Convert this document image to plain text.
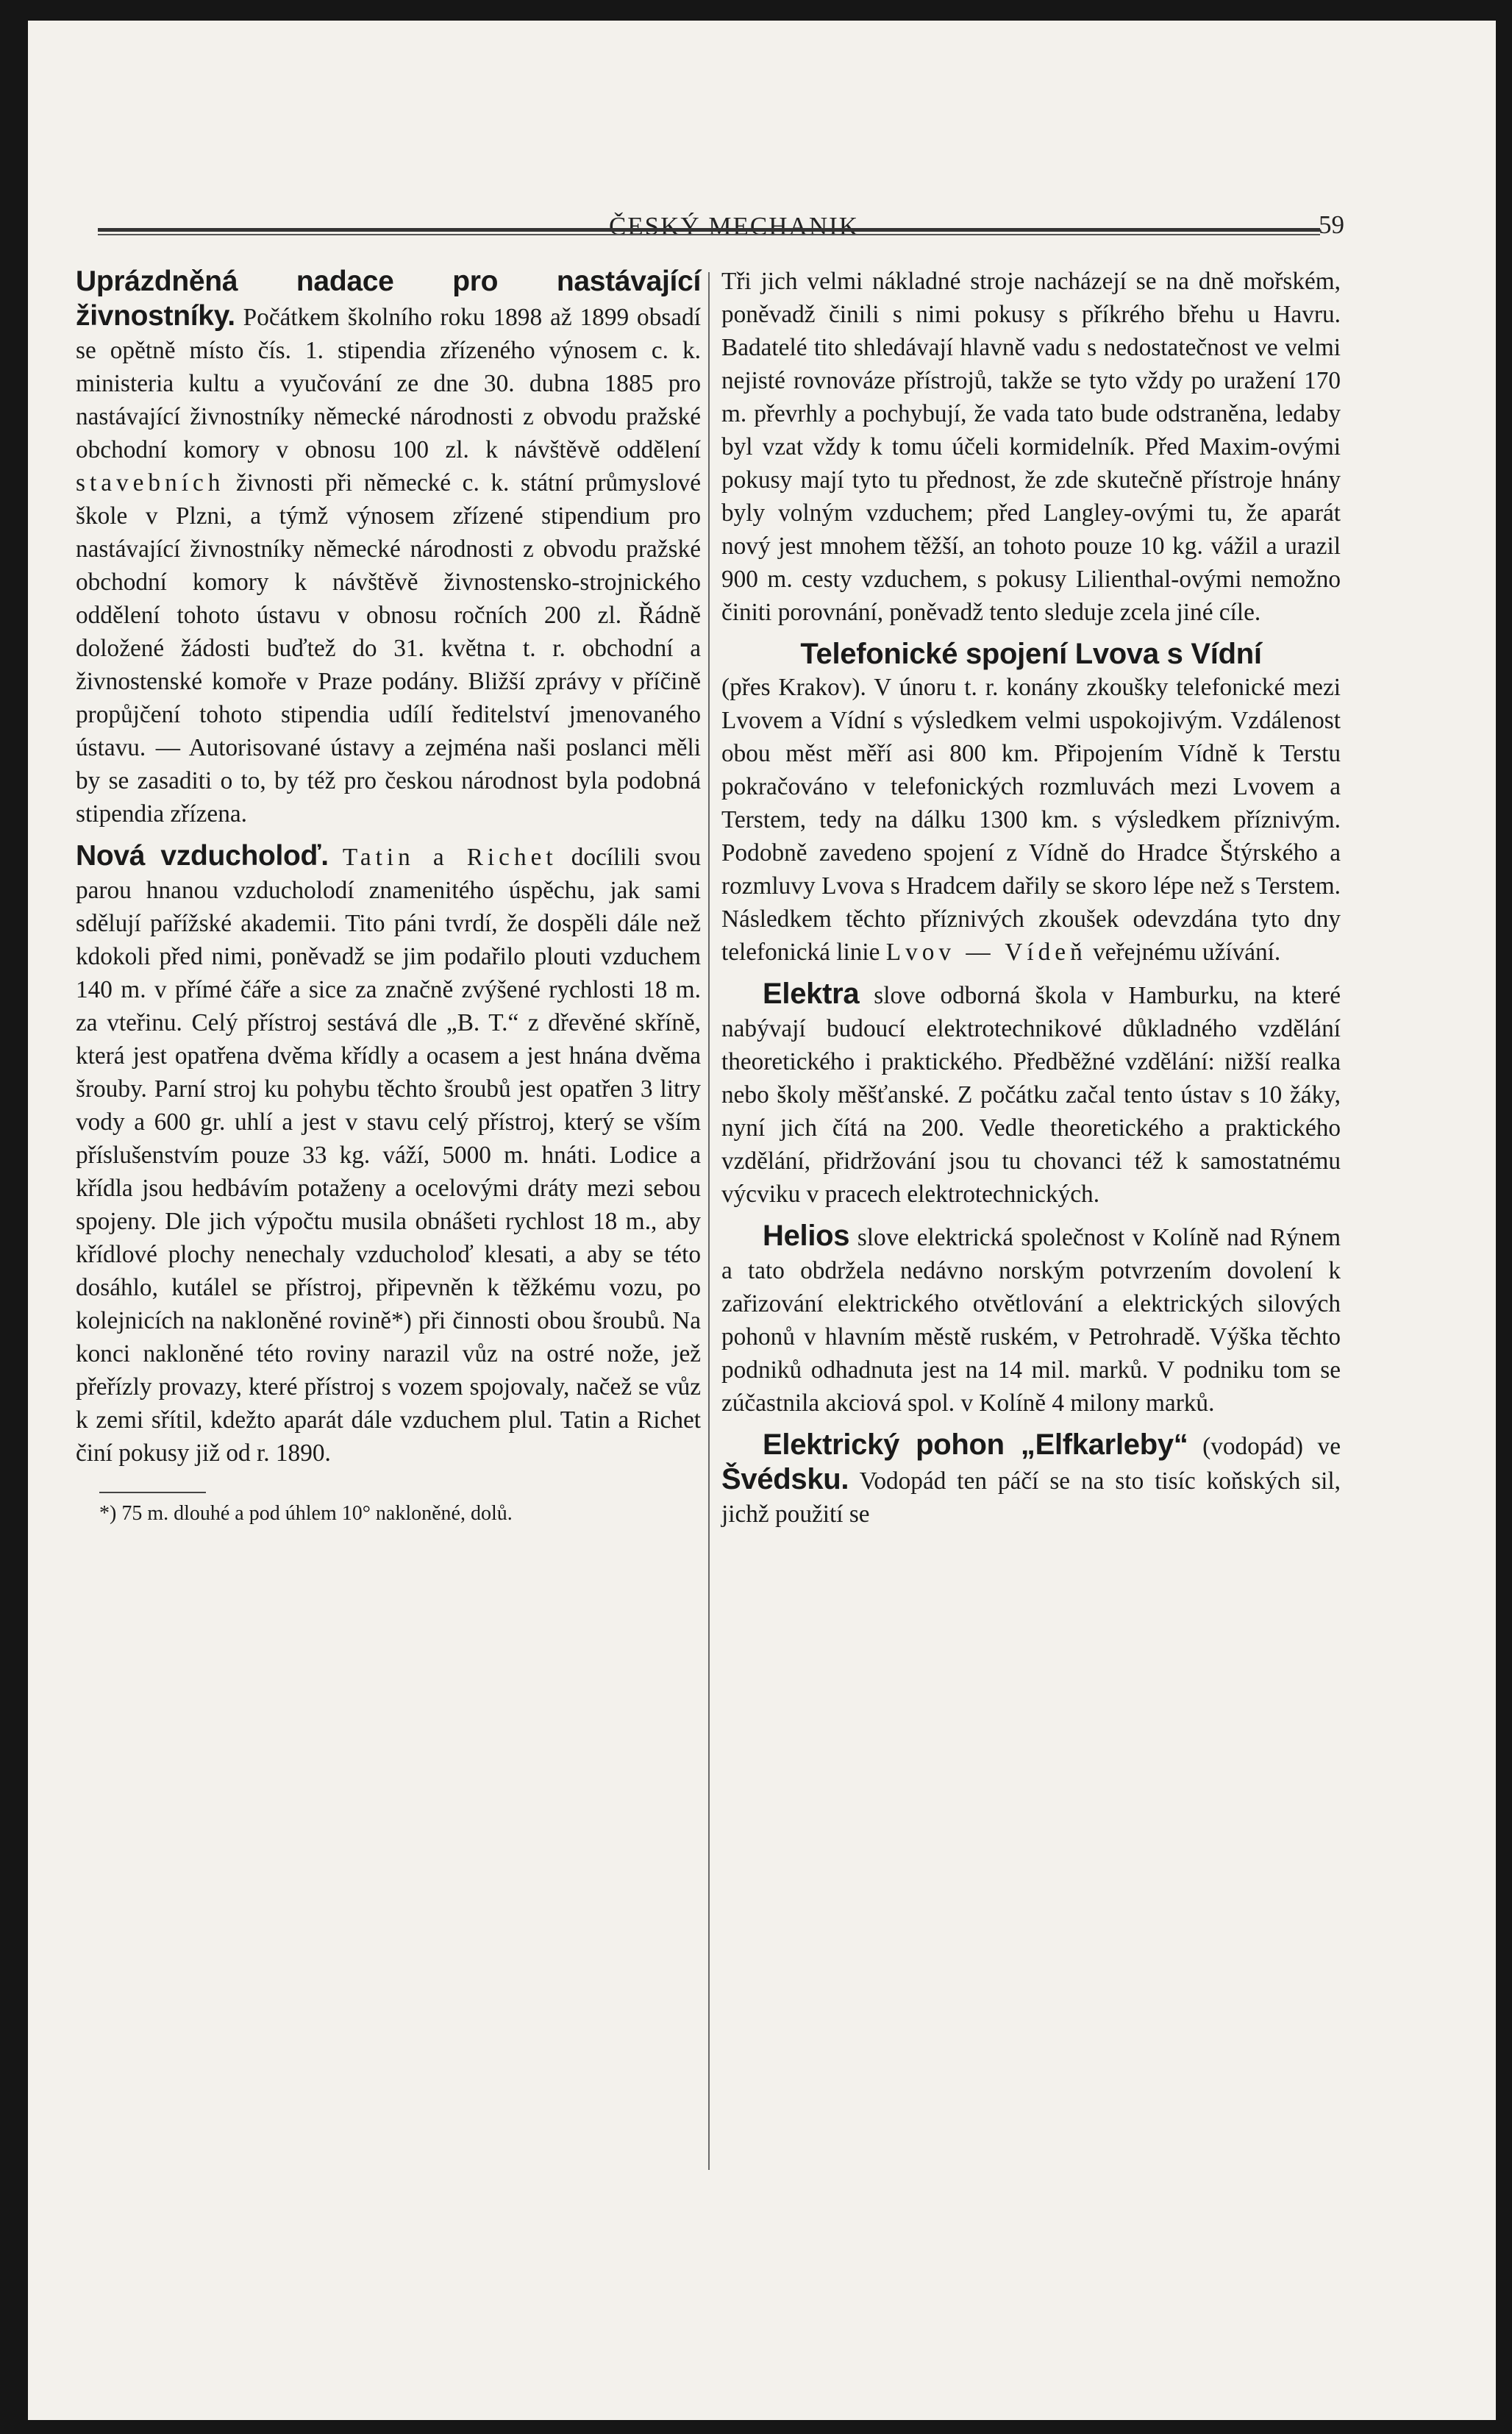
ČESKÝ MECHANIK	59

Uprázdněná nadace pro nastávající živnostníky. Počátkem školního roku 1898 až 1899 obsadí se opětně místo čís. 1. stipendia zřízeného výnosem c. k. ministeria kultu a vyučování ze dne 30. dubna 1885 pro nastávající živnostníky německé národnosti z obvodu pražské obchodní komory v obnosu 100 zl. k návštěvě oddělení stavebních živnosti při německé c. k. státní průmyslové škole v Plzni, a týmž výnosem zřízené stipendium pro nastávající živnostníky německé národnosti z obvodu pražské obchodní komory k návštěvě živnostensko-strojnického oddělení tohoto ústavu v obnosu ročních 200 zl. Řádně doložené žádosti buďtež do 31. května t. r. obchodní a živnostenské komoře v Praze podány. Bližší zprávy v příčině propůjčení tohoto stipendia udílí ředitelství jmenovaného ústavu. — Autorisované ústavy a zejména naši poslanci měli by se zasaditi o to, by též pro českou národnost byla podobná stipendia zřízena.

Nová vzducholoď. Tatin a Richet docílili svou parou hnanou vzducholodí znamenitého úspěchu, jak sami sdělují pařížské akademii. Tito páni tvrdí, že dospěli dále než kdokoli před nimi, poněvadž se jim podařilo plouti vzduchem 140 m. v přímé čáře a sice za značně zvýšené rychlosti 18 m. za vteřinu. Celý přístroj sestává dle „B. T.“ z dřevěné skříně, která jest opatřena dvěma křídly a ocasem a jest hnána dvěma šrouby. Parní stroj ku pohybu těchto šroubů jest opatřen 3 litry vody a 600 gr. uhlí a jest v stavu celý přístroj, který se vším příslušenstvím pouze 33 kg. váží, 5000 m. hnáti. Lodice a křídla jsou hedbávím potaženy a ocelovými dráty mezi sebou spojeny. Dle jich výpočtu musila obnášeti rychlost 18 m., aby křídlové plochy nenechaly vzducholoď klesati, a aby se této dosáhlo, kutálel se přístroj, připevněn k těžkému vozu, po kolejnicích na nakloněné rovině*) při činnosti obou šroubů. Na konci nakloněné této roviny narazil vůz na ostré nože, jež přeřízly provazy, které přístroj s vozem spojovaly, načež se vůz k zemi sřítil, kdežto aparát dále vzduchem plul. Tatin a Richet činí pokusy již od r. 1890.

*) 75 m. dlouhé a pod úhlem 10° nakloněné, dolů.

Tři jich velmi nákladné stroje nacházejí se na dně mořském, poněvadž činili s nimi pokusy s příkrého břehu u Havru. Badatelé tito shledávají hlavně vadu s nedostatečnost ve velmi nejisté rovnováze přístrojů, takže se tyto vždy po uražení 170 m. převrhly a pochybují, že vada tato bude odstraněna, ledaby byl vzat vždy k tomu účeli kormidelník. Před Maxim-ovými pokusy mají tyto tu přednost, že zde skutečně přístroje hnány byly volným vzduchem; před Langley-ovými tu, že aparát nový jest mnohem těžší, an tohoto pouze 10 kg. vážil a urazil 900 m. cesty vzduchem, s pokusy Lilienthal-ovými nemožno činiti porovnání, poněvadž tento sleduje zcela jiné cíle.

Telefonické spojení Lvova s Vídní
(přes Krakov). V únoru t. r. konány zkoušky telefonické mezi Lvovem a Vídní s výsledkem velmi uspokojivým. Vzdálenost obou měst měří asi 800 km. Připojením Vídně k Terstu pokračováno v telefonických rozmluvách mezi Lvovem a Terstem, tedy na dálku 1300 km. s výsledkem příznivým. Podobně zavedeno spojení z Vídně do Hradce Štýrského a rozmluvy Lvova s Hradcem dařily se skoro lépe než s Terstem. Následkem těchto příznivých zkoušek odevzdána tyto dny telefonická linie Lvov — Vídeň veřejnému užívání.

Elektra slove odborná škola v Hamburku, na které nabývají budoucí elektrotechnikové důkladného vzdělání theoretického i praktického. Předběžné vzdělání: nižší realka nebo školy měšťanské. Z počátku začal tento ústav s 10 žáky, nyní jich čítá na 200. Vedle theoretického a praktického vzdělání, přidržování jsou tu chovanci též k samostatnému výcviku v pracech elektrotechnických.

Helios slove elektrická společnost v Kolíně nad Rýnem a tato obdržela nedávno norským potvrzením dovolení k zařizování elektrického otvětlování a elektrických silových pohonů v hlavním městě ruském, v Petrohradě. Výška těchto podniků odhadnuta jest na 14 mil. marků. V podniku tom se zúčastnila akciová spol. v Kolíně 4 milony marků.

Elektrický pohon „Elfkarleby“ (vodopád) ve Švédsku. Vodopád ten páčí se na sto tisíc koňských sil, jichž použití se
